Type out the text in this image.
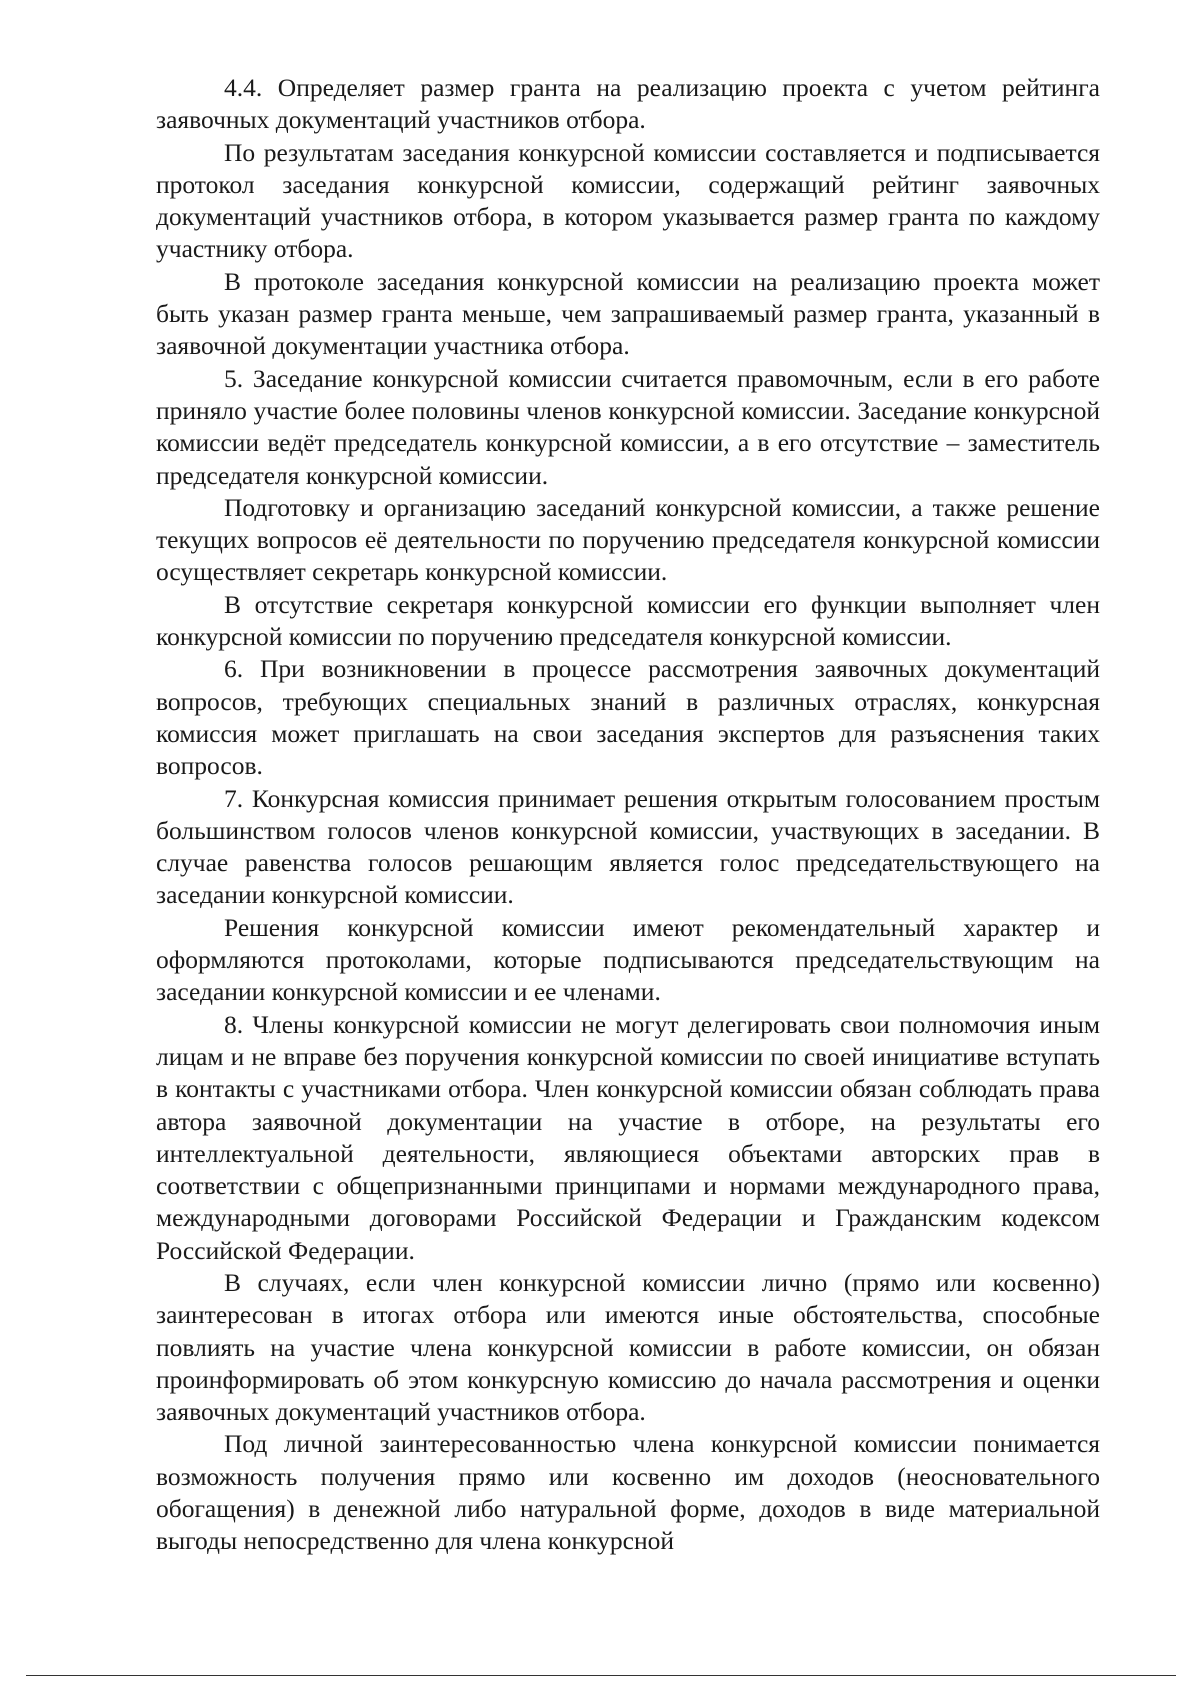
4.4. Определяет размер гранта на реализацию проекта с учетом рейтинга заявочных документаций участников отбора.

По результатам заседания конкурсной комиссии составляется и подписывается протокол заседания конкурсной комиссии, содержащий рейтинг заявочных документаций участников отбора, в котором указывается размер гранта по каждому участнику отбора.

В протоколе заседания конкурсной комиссии на реализацию проекта может быть указан размер гранта меньше, чем запрашиваемый размер гранта, указанный в заявочной документации участника отбора.

5. Заседание конкурсной комиссии считается правомочным, если в его работе приняло участие более половины членов конкурсной комиссии. Заседание конкурсной комиссии ведёт председатель конкурсной комиссии, а в его отсутствие – заместитель председателя конкурсной комиссии.

Подготовку и организацию заседаний конкурсной комиссии, а также решение текущих вопросов её деятельности по поручению председателя конкурсной комиссии осуществляет секретарь конкурсной комиссии.

В отсутствие секретаря конкурсной комиссии его функции выполняет член конкурсной комиссии по поручению председателя конкурсной комиссии.

6. При возникновении в процессе рассмотрения заявочных документаций вопросов, требующих специальных знаний в различных отраслях, конкурсная комиссия может приглашать на свои заседания экспертов для разъяснения таких вопросов.

7. Конкурсная комиссия принимает решения открытым голосованием простым большинством голосов членов конкурсной комиссии, участвующих в заседании. В случае равенства голосов решающим является голос председательствующего на заседании конкурсной комиссии.

Решения конкурсной комиссии имеют рекомендательный характер и оформляются протоколами, которые подписываются председательствующим на заседании конкурсной комиссии и ее членами.

8. Члены конкурсной комиссии не могут делегировать свои полномочия иным лицам и не вправе без поручения конкурсной комиссии по своей инициативе вступать в контакты с участниками отбора. Член конкурсной комиссии обязан соблюдать права автора заявочной документации на участие в отборе, на результаты его интеллектуальной деятельности, являющиеся объектами авторских прав в соответствии с общепризнанными принципами и нормами международного права, международными договорами Российской Федерации и Гражданским кодексом Российской Федерации.

В случаях, если член конкурсной комиссии лично (прямо или косвенно) заинтересован в итогах отбора или имеются иные обстоятельства, способные повлиять на участие члена конкурсной комиссии в работе комиссии, он обязан проинформировать об этом конкурсную комиссию до начала рассмотрения и оценки заявочных документаций участников отбора.

Под личной заинтересованностью члена конкурсной комиссии понимается возможность получения прямо или косвенно им доходов (неосновательного обогащения) в денежной либо натуральной форме, доходов в виде материальной выгоды непосредственно для члена конкурсной
